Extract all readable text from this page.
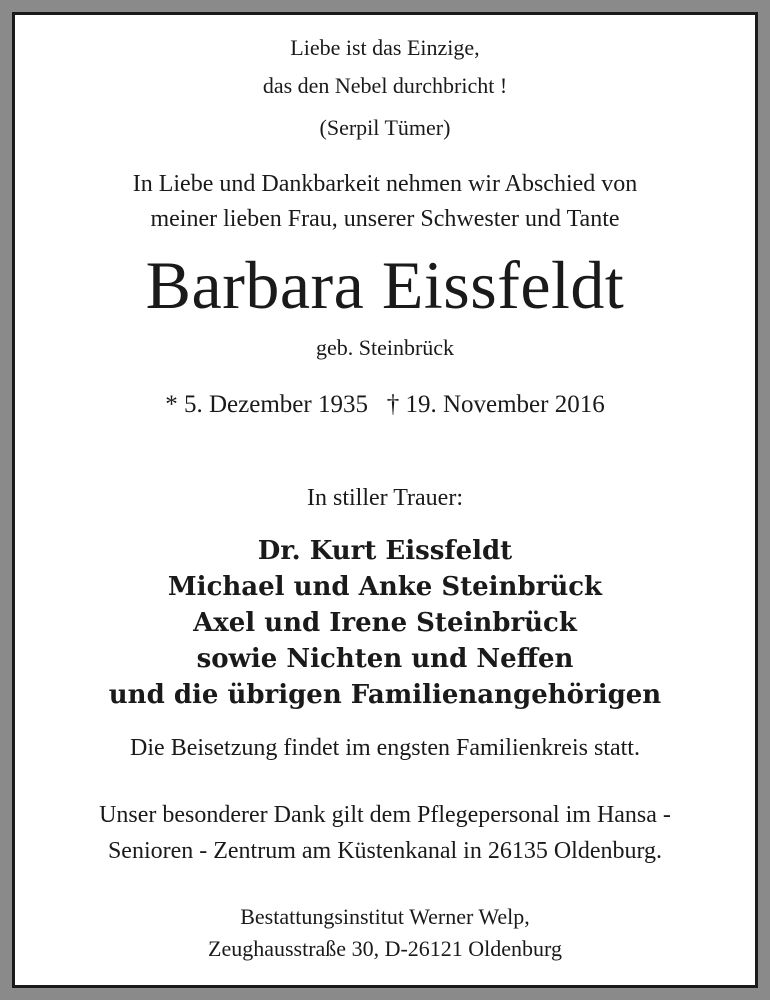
Liebe ist das Einzige,
das den Nebel durchbricht !
(Serpil Tümer)
In Liebe und Dankbarkeit nehmen wir Abschied von
meiner lieben Frau, unserer Schwester und Tante
Barbara Eissfeldt
geb. Steinbrück
* 5. Dezember 1935   † 19. November 2016
In stiller Trauer:
Dr. Kurt Eissfeldt
Michael und Anke Steinbrück
Axel und Irene Steinbrück
sowie Nichten und Neffen
und die übrigen Familienangehörigen
Die Beisetzung findet im engsten Familienkreis statt.
Unser besonderer Dank gilt dem Pflegepersonal im Hansa -
Senioren - Zentrum am Küstenkanal in 26135 Oldenburg.
Bestattungsinstitut Werner Welp,
Zeughausstraße 30, D-26121 Oldenburg
